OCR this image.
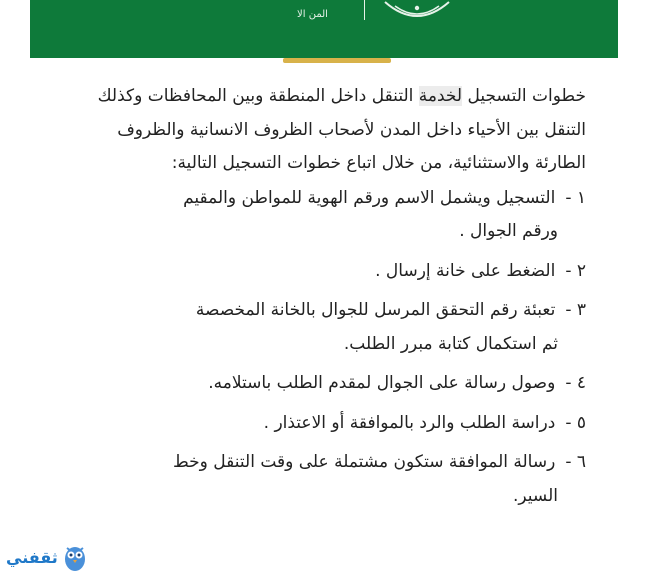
المن الا

خطوات التسجيل لخدمة التنقل داخل المنطقة وبين المحافظات وكذلك التنقل بين الأحياء داخل المدن لأصحاب الظروف الانسانية والظروف الطارئة والاستثنائية، من خلال اتباع خطوات التسجيل التالية:

١ -التسجيل ويشمل الاسم ورقم الهوية للمواطن والمقيم
ورقم الجوال .

٢ -الضغط على خانة إرسال .

٣ -تعبئة رقم التحقق المرسل للجوال بالخانة المخصصة
ثم استكمال كتابة مبرر الطلب.

٤ -وصول رسالة على الجوال لمقدم الطلب باستلامه.

٥ -دراسة الطلب والرد بالموافقة أو الاعتذار .

٦ -رسالة الموافقة ستكون مشتملة على وقت التنقل وخط
السير.

ثقفني
